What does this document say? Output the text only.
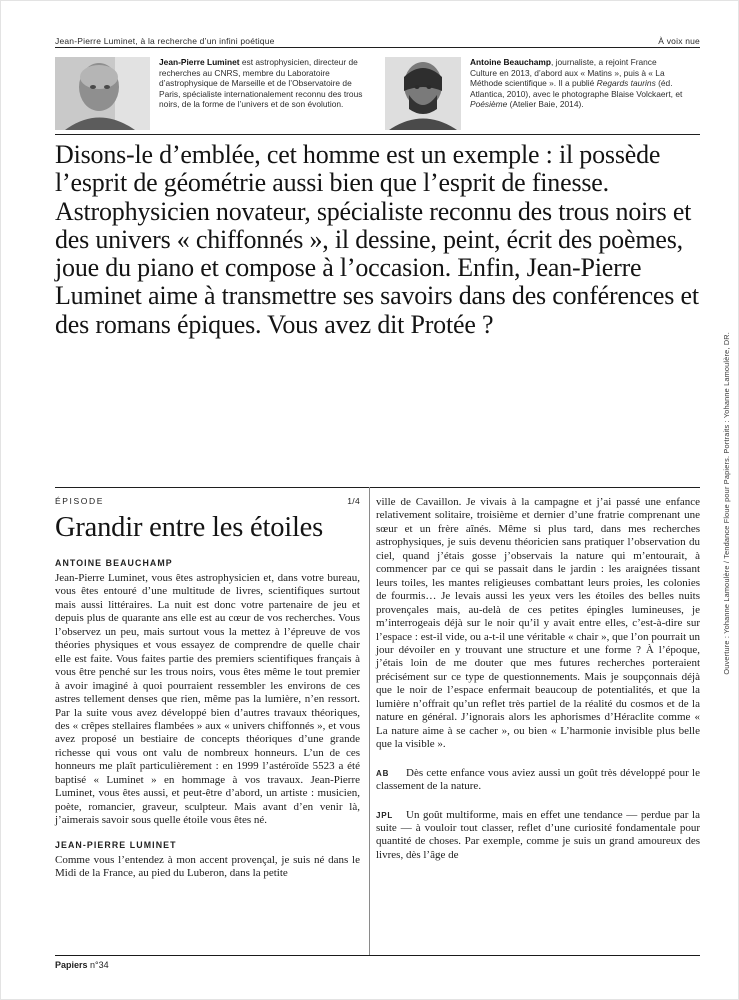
Jean-Pierre Luminet, à la recherche d’un infini poétique	À voix nue
Jean-Pierre Luminet est astrophysicien, directeur de recherches au CNRS, membre du Laboratoire d’astrophysique de Marseille et de l’Observatoire de Paris, spécialiste internationalement reconnu des trous noirs, de la forme de l’univers et de son évolution.
Antoine Beauchamp, journaliste, a rejoint France Culture en 2013, d’abord aux « Matins », puis à « La Méthode scientifique ». Il a publié Regards taurins (éd. Atlantica, 2010), avec le photographe Blaise Volckaert, et Poésième (Atelier Baie, 2014).
Disons-le d’emblée, cet homme est un exemple : il possède l’esprit de géométrie aussi bien que l’esprit de finesse. Astrophysicien novateur, spécialiste reconnu des trous noirs et des univers « chiffonnés », il dessine, peint, écrit des poèmes, joue du piano et compose à l’occasion. Enfin, Jean-Pierre Luminet aime à transmettre ses savoirs dans des conférences et des romans épiques. Vous avez dit Protée ?
ÉPISODE	1/4
Grandir entre les étoiles
ANTOINE BEAUCHAMP

Jean-Pierre Luminet, vous êtes astrophysicien et, dans votre bureau, vous êtes entouré d’une multitude de livres, scientifiques surtout mais aussi littéraires. La nuit est donc votre partenaire de jeu et depuis plus de quarante ans elle est au cœur de vos recherches. Vous l’observez un peu, mais surtout vous la mettez à l’épreuve de vos théories physiques et vous essayez de comprendre de quelle chair elle est faite. Vous faites partie des premiers scientifiques français à vous être penché sur les trous noirs, vous êtes même le tout premier à avoir imaginé à quoi pourraient ressembler les environs de ces astres tellement denses que rien, même pas la lumière, n’en ressort. Par la suite vous avez développé bien d’autres travaux théoriques, des « crêpes stellaires flambées » aux « univers chiffonnés », et vous avez proposé un bestiaire de concepts théoriques d’une grande richesse qui vous ont valu de nombreux honneurs. L’un de ces honneurs me plaît particulièrement : en 1999 l’astéroïde 5523 a été baptisé « Luminet » en hommage à vos travaux. Jean-Pierre Luminet, vous êtes aussi, et peut-être d’abord, un artiste : musicien, poète, romancier, graveur, sculpteur. Mais avant d’en venir là, j’aimerais savoir sous quelle étoile vous êtes né.

JEAN-PIERRE LUMINET

Comme vous l’entendez à mon accent provençal, je suis né dans le Midi de la France, au pied du Luberon, dans la petite

ville de Cavaillon. Je vivais à la campagne et j’ai passé une enfance relativement solitaire, troisième et dernier d’une fratrie comprenant une sœur et un frère aînés. Même si plus tard, dans mes recherches astrophysiques, je suis devenu théoricien sans pratiquer l’observation du ciel, quand j’étais gosse j’observais la nature qui m’entourait, à commencer par ce qui se passait dans le jardin : les araignées tissant leurs toiles, les mantes religieuses combattant leurs proies, les colonies de fourmis… Je levais aussi les yeux vers les étoiles des belles nuits provençales mais, au-delà de ces petites épingles lumineuses, je m’interrogeais déjà sur le noir qu’il y avait entre elles, c’est-à-dire sur l’espace : est-il vide, ou a-t-il une véritable « chair », que l’on pourrait un jour dévoiler en y trouvant une structure et une forme ? À l’époque, j’étais loin de me douter que mes futures recherches porteraient précisément sur ce type de questionnements. Mais je soupçonnais déjà que le noir de l’espace enfermait beaucoup de potentialités, et que la lumière n’offrait qu’un reflet très partiel de la réalité du cosmos et de la nature en général. J’ignorais alors les aphorismes d’Héraclite comme « La nature aime à se cacher », ou bien « L’harmonie invisible plus belle que la visible ».

AB Dès cette enfance vous aviez aussi un goût très développé pour le classement de la nature.

JPL Un goût multiforme, mais en effet une tendance — perdue par la suite — à vouloir tout classer, reflet d’une curiosité fondamentale pour quantité de choses. Par exemple, comme je suis un grand amoureux des livres, dès l’âge de

Papiers n°34
Ouverture : Yohanne Lamoulère / Tendance Floue pour Papiers. Portraits : Yohanne Lamoulère, DR.
